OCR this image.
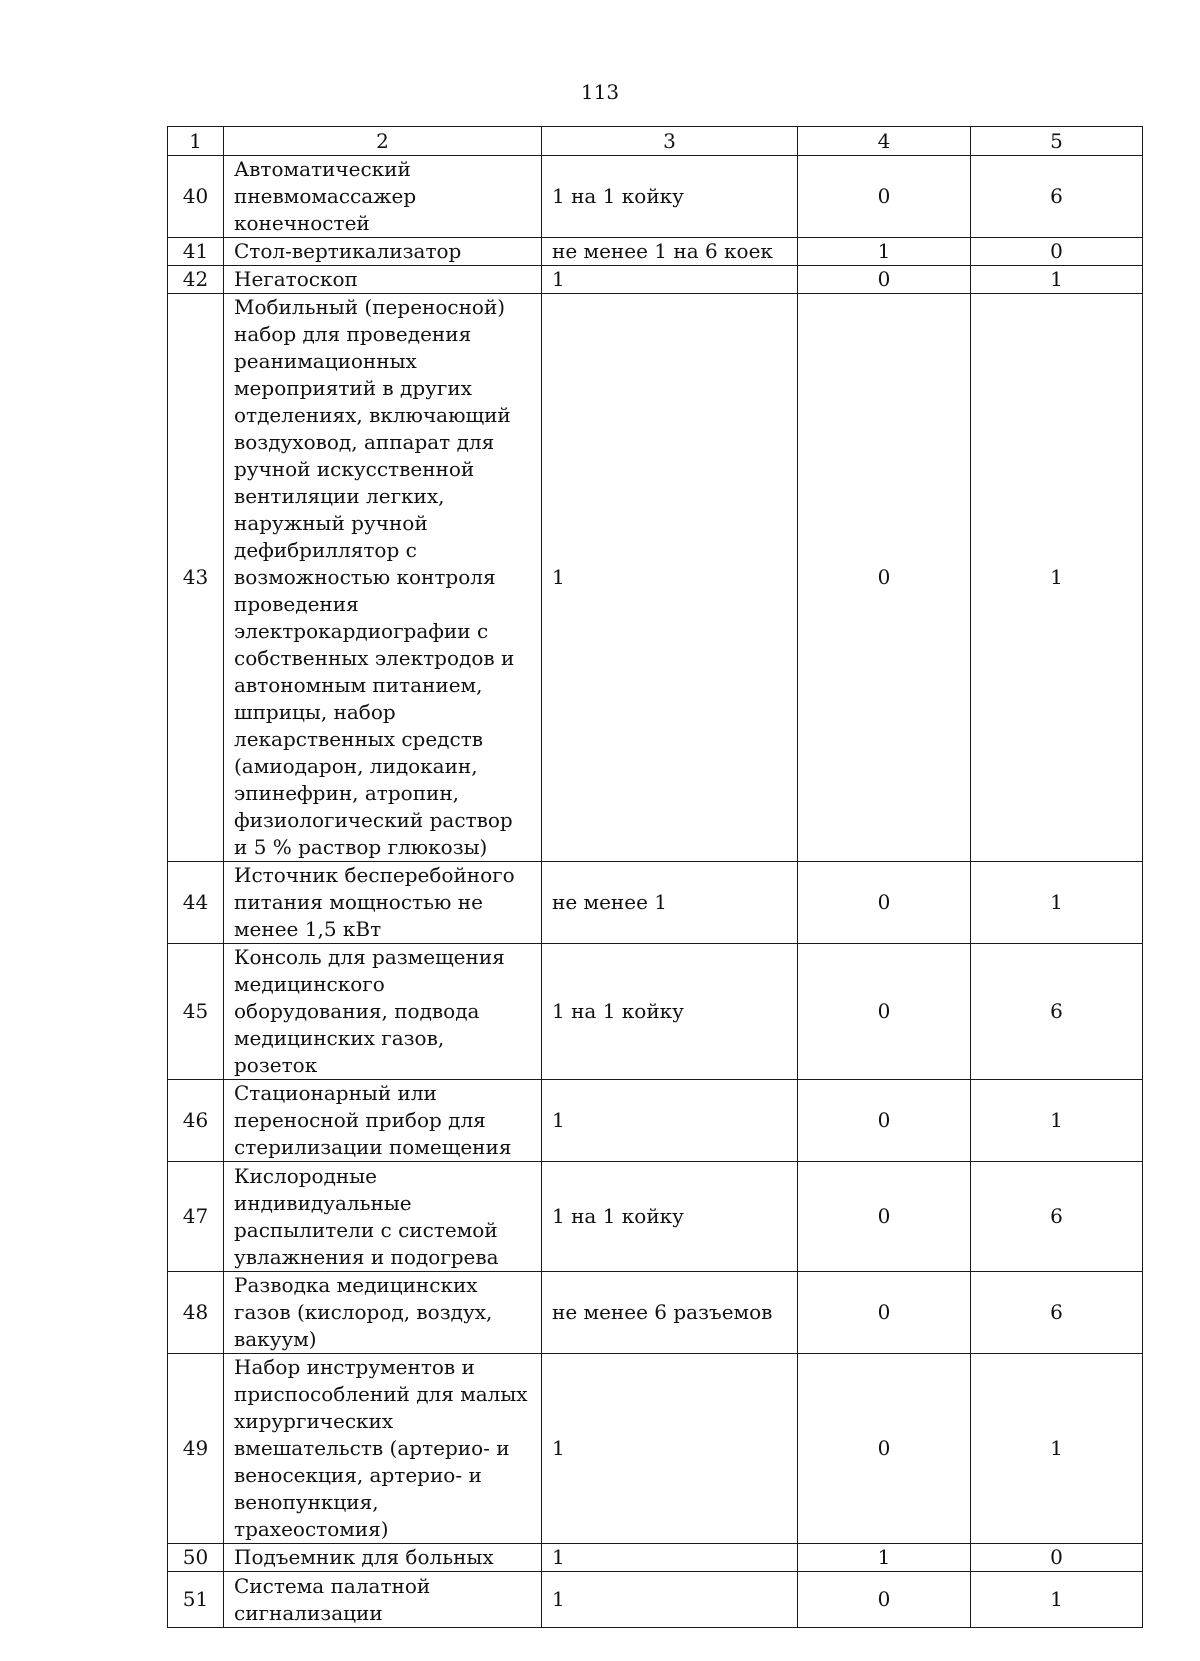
113
1	2	3	4	5
40	Автоматический пневмомассажер конечностей	1 на 1 койку	0	6
41	Стол-вертикализатор	не менее 1 на 6 коек	1	0
42	Негатоскоп	1	0	1
43	Мобильный (переносной) набор для проведения реанимационных мероприятий в других отделениях, включающий воздуховод, аппарат для ручной искусственной вентиляции легких, наружный ручной дефибриллятор с возможностью контроля проведения электрокардиографии с собственных электродов и автономным питанием, шприцы, набор лекарственных средств (амиодарон, лидокаин, эпинефрин, атропин, физиологический раствор и 5 % раствор глюкозы)	1	0	1
44	Источник бесперебойного питания мощностью не менее 1,5 кВт	не менее 1	0	1
45	Консоль для размещения медицинского оборудования, подвода медицинских газов, розеток	1 на 1 койку	0	6
46	Стационарный или переносной прибор для стерилизации помещения	1	0	1
47	Кислородные индивидуальные распылители с системой увлажнения и подогрева	1 на 1 койку	0	6
48	Разводка медицинских газов (кислород, воздух, вакуум)	не менее 6 разъемов	0	6
49	Набор инструментов и приспособлений для малых хирургических вмешательств (артерио- и веносекция, артерио- и венопункция, трахеостомия)	1	0	1
50	Подъемник для больных	1	1	0
51	Система палатной сигнализации	1	0	1
